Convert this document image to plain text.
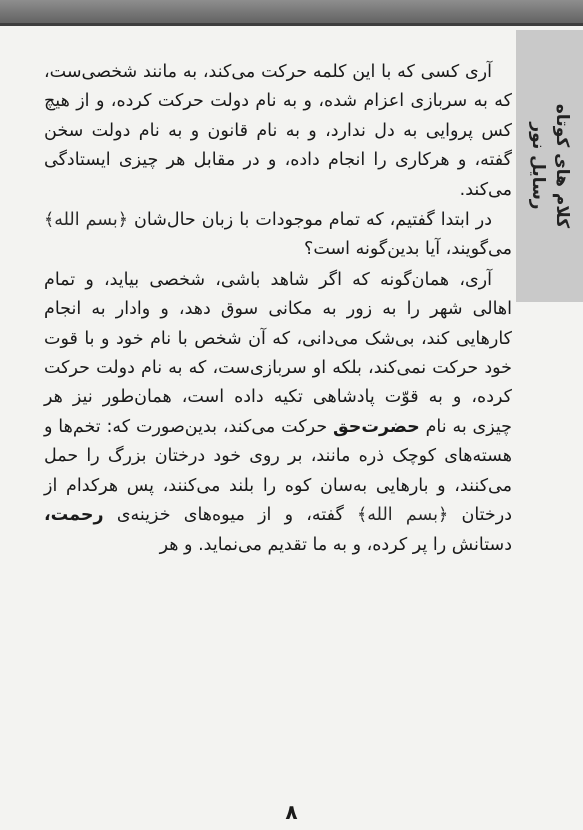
کلام های کوتاه
رسایل نور

آری کسی که با این کلمه حرکت می‌کند، به مانند شخصی‌ست، که به سربازی اعزام شده، و به نام دولت حرکت کرده، و از هیچ کس پروایی به دل ندارد، و به نام قانون و به نام دولت سخن گفته، و هرکاری را انجام داده، و در مقابل هر چیزی ایستادگی می‌کند.

در ابتدا گفتیم، که تمام موجودات با زبان حال‌شان ﴿بسم الله﴾ می‌گویند، آیا بدین‌گونه است؟

آری، همان‌گونه که اگر شاهد باشی، شخصی بیاید، و تمام اهالی شهر را به زور به مکانی سوق دهد، و وادار به انجام کارهایی کند، بی‌شک می‌دانی، که آن شخص با نام خود و با قوت خود حرکت نمی‌کند، بلکه او سربازی‌ست، که به نام دولت حرکت کرده، و به قوّت پادشاهی تکیه داده است، همان‌طور نیز هر چیزی به نام حضرت‌حق حرکت می‌کند، بدین‌صورت که: تخم‌ها و هسته‌های کوچک ذره مانند، بر روی خود درختان بزرگ را حمل می‌کنند، و بارهایی به‌سان کوه را بلند می‌کنند، پس هرکدام از درختان ﴿بسم الله﴾ گفته، و از میوه‌های خزینه‌ی رحمت، دستانش را پر کرده، و به ما تقدیم می‌نماید. و هر

۸
